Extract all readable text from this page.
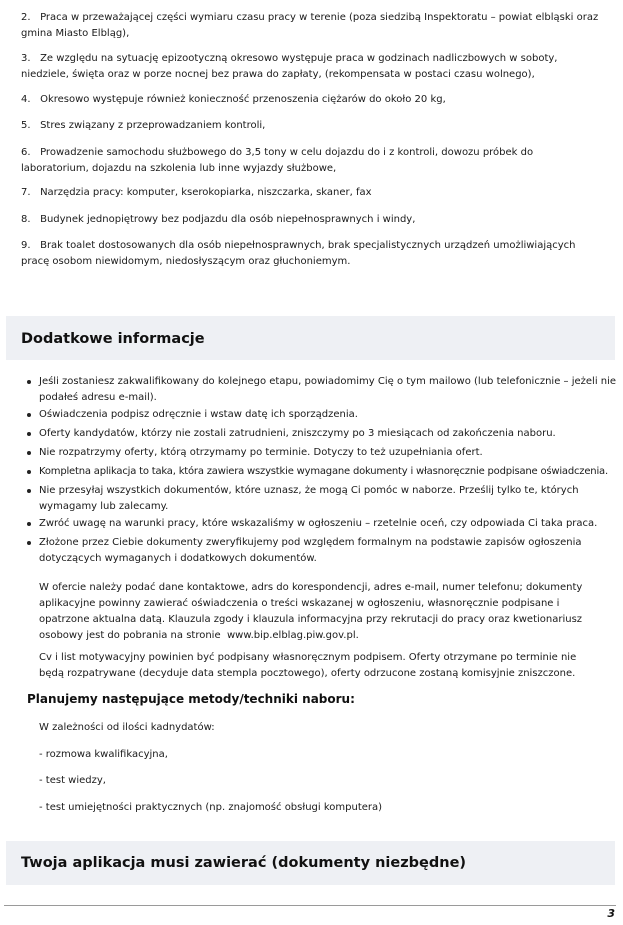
2.   Praca w przeważającej części wymiaru czasu pracy w terenie (poza siedzibą Inspektoratu – powiat elbląski oraz gmina Miasto Elbląg),
3.   Ze względu na sytuację epizootyczną okresowo występuje praca w godzinach nadliczbowych w soboty, niedziele, święta oraz w porze nocnej bez prawa do zapłaty, (rekompensata w postaci czasu wolnego),
4.   Okresowo występuje również konieczność przenoszenia ciężarów do około 20 kg,
5.   Stres związany z przeprowadzaniem kontroli,
6.   Prowadzenie samochodu służbowego do 3,5 tony w celu dojazdu do i z kontroli, dowozu próbek do laboratorium, dojazdu na szkolenia lub inne wyjazdy służbowe,
7.   Narzędzia pracy: komputer, kserokopiarka, niszczarka, skaner, fax
8.   Budynek jednopiętrowy bez podjazdu dla osób niepełnosprawnych i windy,
9.   Brak toalet dostosowanych dla osób niepełnosprawnych, brak specjalistycznych urządzeń umożliwiających pracę osobom niewidomym, niedosłyszącym oraz głuchoniemym.
Dodatkowe informacje
Jeśli zostaniesz zakwalifikowany do kolejnego etapu, powiadomimy Cię o tym mailowo (lub telefonicznie – jeżeli nie podałeś adresu e-mail).
Oświadczenia podpisz odręcznie i wstaw datę ich sporządzenia.
Oferty kandydatów, którzy nie zostali zatrudnieni, zniszczymy po 3 miesiącach od zakończenia naboru.
Nie rozpatrzymy oferty, którą otrzymamy po terminie. Dotyczy to też uzupełniania ofert.
Kompletna aplikacja to taka, która zawiera wszystkie wymagane dokumenty i własnoręcznie podpisane oświadczenia.
Nie przesyłaj wszystkich dokumentów, które uznasz, że mogą Ci pomóc w naborze. Prześlij tylko te, których wymagamy lub zalecamy.
Zwróć uwagę na warunki pracy, które wskazaliśmy w ogłoszeniu – rzetelnie oceń, czy odpowiada Ci taka praca.
Złożone przez Ciebie dokumenty zweryfikujemy pod względem formalnym na podstawie zapisów ogłoszenia dotyczących wymaganych i dodatkowych dokumentów.
W ofercie należy podać dane kontaktowe, adrs do korespondencji, adres e-mail, numer telefonu; dokumenty aplikacyjne powinny zawierać oświadczenia o treści wskazanej w ogłoszeniu, własnoręcznie podpisane i opatrzone aktualna datą. Klauzula zgody i klauzula informacyjna przy rekrutacji do pracy oraz kwetionariusz osobowy jest do pobrania na stronie  www.bip.elblag.piw.gov.pl.
Cv i list motywacyjny powinien być podpisany własnoręcznym podpisem. Oferty otrzymane po terminie nie będą rozpatrywane (decyduje data stempla pocztowego), oferty odrzucone zostaną komisyjnie zniszczone.
Planujemy następujące metody/techniki naboru:
W zależności od ilości kadnydatów:
- rozmowa kwalifikacyjna,
- test wiedzy,
- test umiejętności praktycznych (np. znajomość obsługi komputera)
Twoja aplikacja musi zawierać (dokumenty niezbędne)
3
